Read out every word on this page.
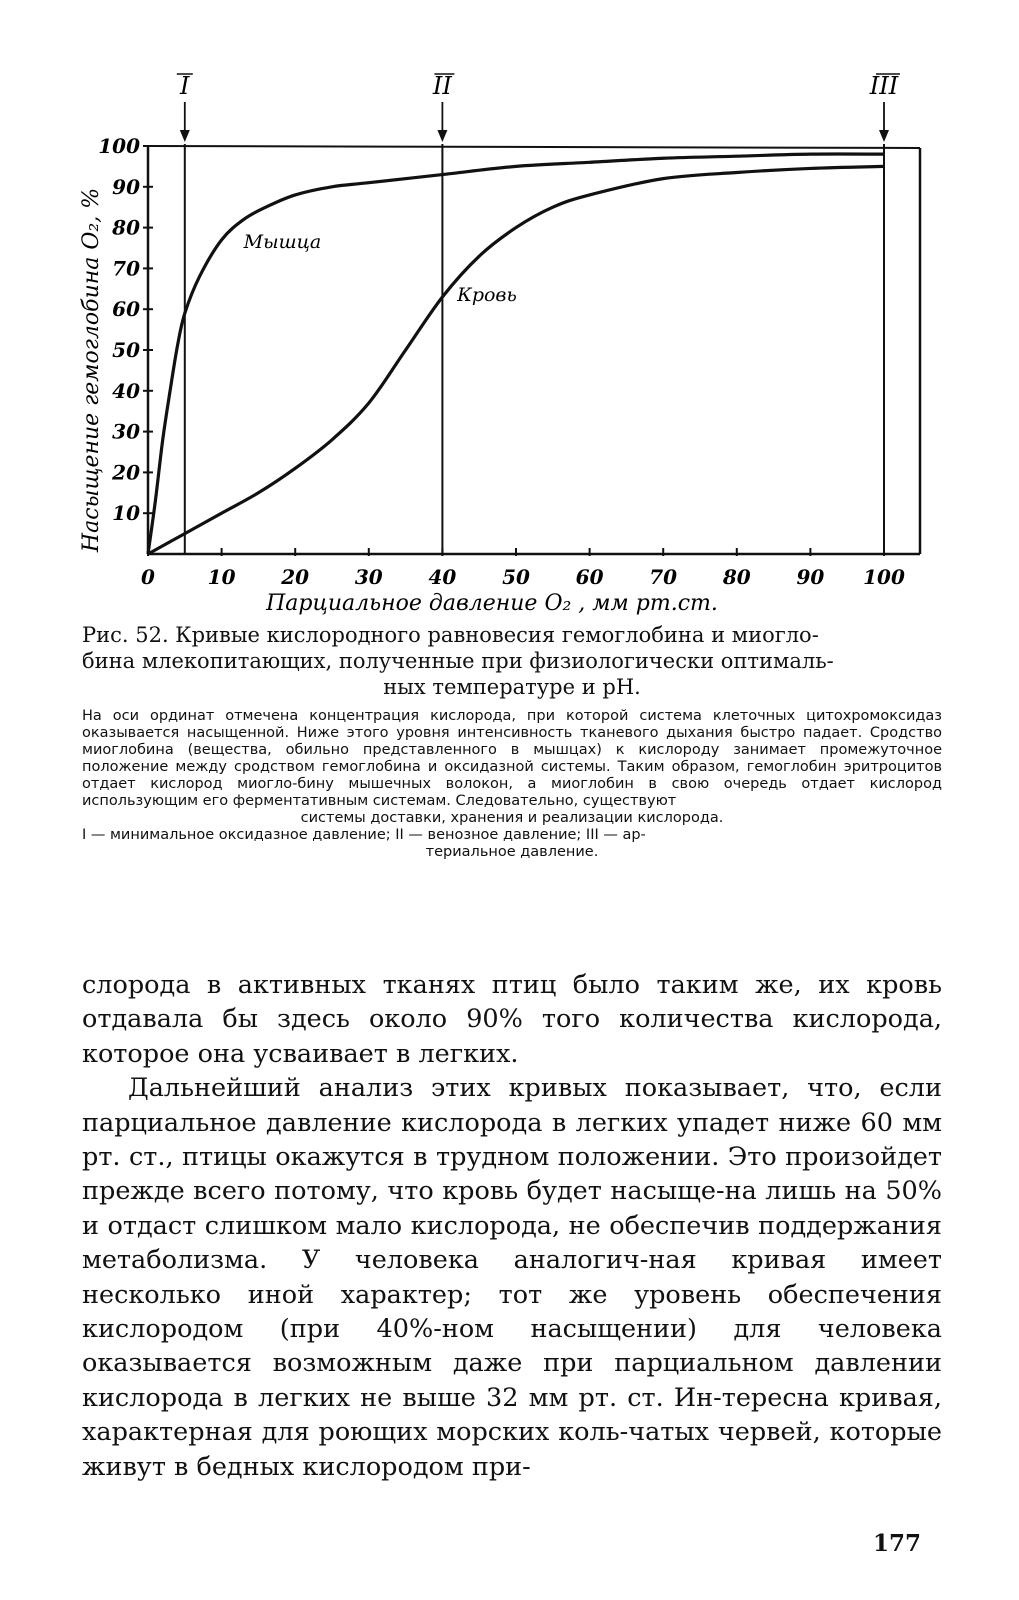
10
20
30
40
50
60
70
80
90
100
0	10 20 30 40 50 60 70 80 90 100
I	II	III
Мышца
Кровь
Насыщение гемоглобина O₂, %
Парциальное давление O₂ , мм рт.ст.
Рис. 52. Кривые кислородного равновесия гемоглобина и миогло-
бина млекопитающих, полученные при физиологически оптималь-
ных температуре и pH.
На оси ординат отмечена концентрация кислорода, при которой система клеточных цитохромоксидаз оказывается насыщенной. Ниже этого уровня интенсивность тканевого дыхания быстро падает. Сродство миоглобина (вещества, обильно представленного в мышцах) к кислороду занимает промежуточное положение между сродством гемоглобина и оксидазной системы. Таким образом, гемоглобин эритроцитов отдает кислород миогло-бину мышечных волокон, а миоглобин в свою очередь отдает кислород использующим его ферментативным системам. Следовательно, существуют
системы доставки, хранения и реализации кислорода.
I — минимальное оксидазное давление; II — венозное давление; III — ар-
териальное давление.

слорода в активных тканях птиц было таким же, их кровь отдавала бы здесь около 90% того количества кислорода, которое она усваивает в легких.

Дальнейший анализ этих кривых показывает, что, если парциальное давление кислорода в легких упадет ниже 60 мм рт. ст., птицы окажутся в трудном положении. Это произойдет прежде всего потому, что кровь будет насыще-на лишь на 50% и отдаст слишком мало кислорода, не обеспечив поддержания метаболизма. У человека аналогич-ная кривая имеет несколько иной характер; тот же уровень обеспечения кислородом (при 40%-ном насыщении) для человека оказывается возможным даже при парциальном давлении кислорода в легких не выше 32 мм рт. ст. Ин-тересна кривая, характерная для роющих морских коль-чатых червей, которые живут в бедных кислородом при-

177
